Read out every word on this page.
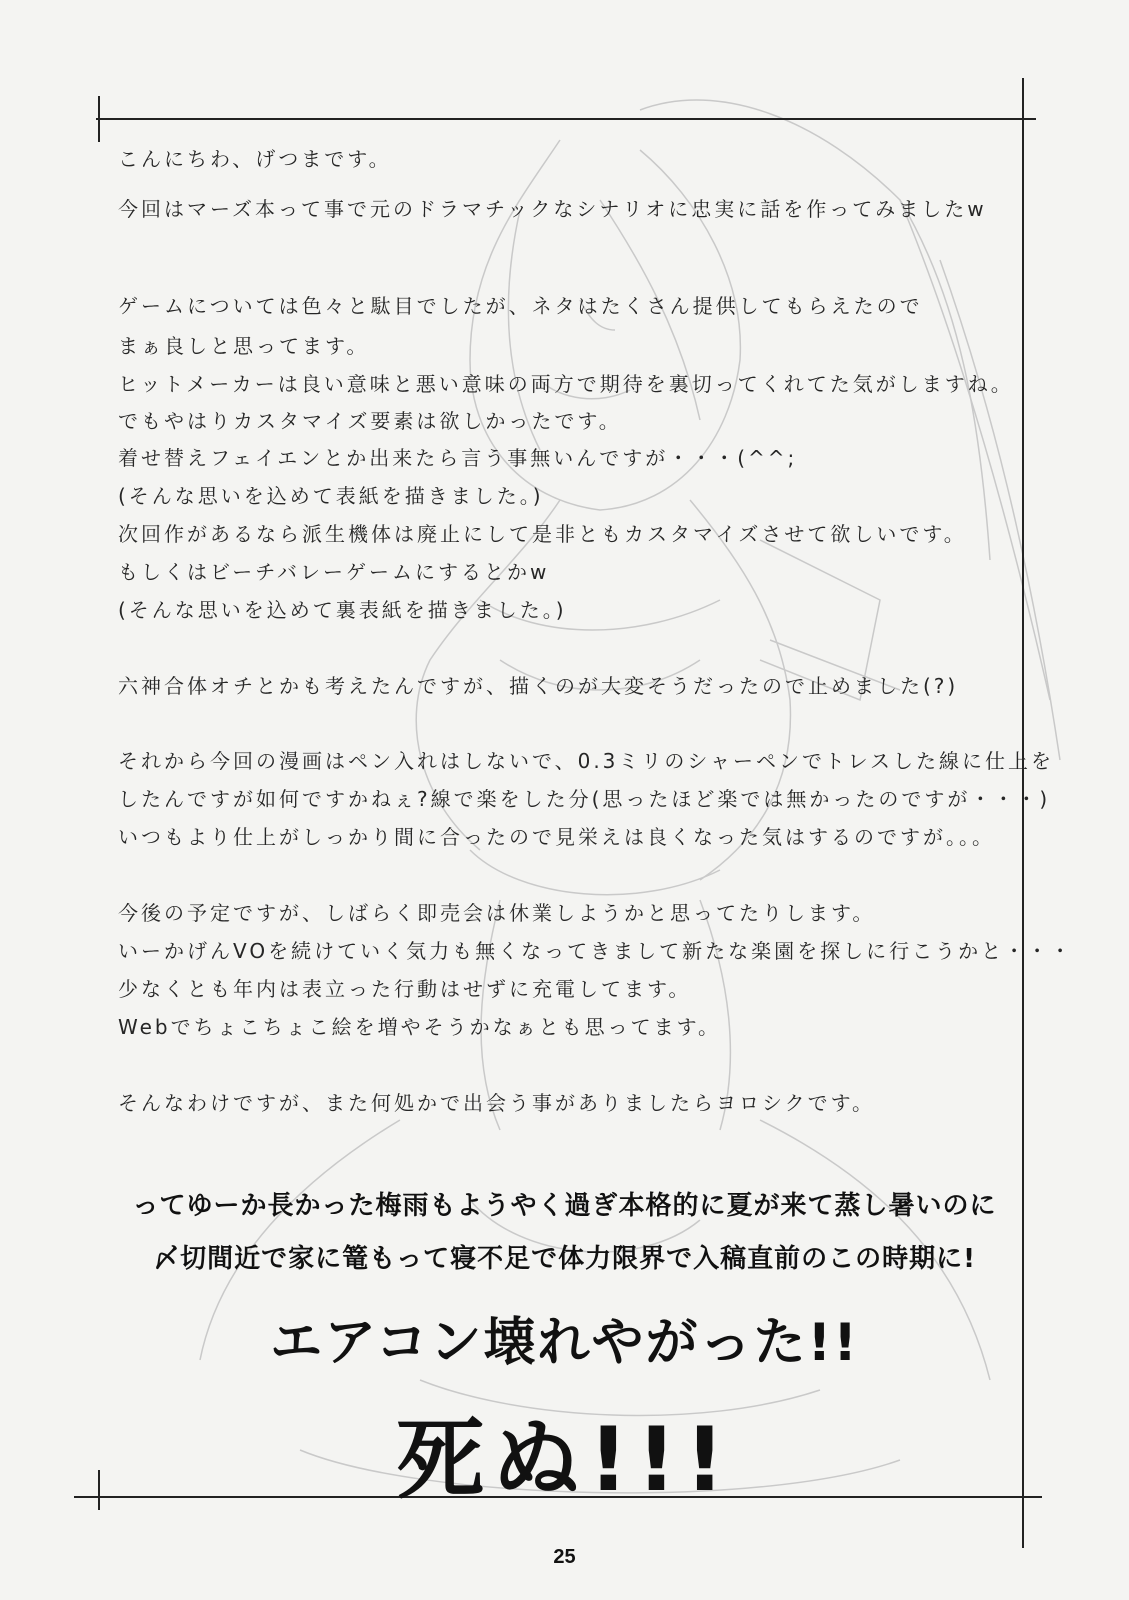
こんにちわ、げつまです。
今回はマーズ本って事で元のドラマチックなシナリオに忠実に話を作ってみましたw
ゲームについては色々と駄目でしたが、ネタはたくさん提供してもらえたので
まぁ良しと思ってます。
ヒットメーカーは良い意味と悪い意味の両方で期待を裏切ってくれてた気がしますね。
でもやはりカスタマイズ要素は欲しかったです。
着せ替えフェイエンとか出来たら言う事無いんですが・・・(^^;
(そんな思いを込めて表紙を描きました。)
次回作があるなら派生機体は廃止にして是非ともカスタマイズさせて欲しいです。
もしくはビーチバレーゲームにするとかw
(そんな思いを込めて裏表紙を描きました。)
六神合体オチとかも考えたんですが、描くのが大変そうだったので止めました(?)
それから今回の漫画はペン入れはしないで、0.3ミリのシャーペンでトレスした線に仕上を
したんですが如何ですかねぇ?線で楽をした分(思ったほど楽では無かったのですが・・・)
いつもより仕上がしっかり間に合ったので見栄えは良くなった気はするのですが。。。
今後の予定ですが、しばらく即売会は休業しようかと思ってたりします。
いーかげんVOを続けていく気力も無くなってきまして新たな楽園を探しに行こうかと・・・
少なくとも年内は表立った行動はせずに充電してます。
Webでちょこちょこ絵を増やそうかなぁとも思ってます。
そんなわけですが、また何処かで出会う事がありましたらヨロシクです。
ってゆーか長かった梅雨もようやく過ぎ本格的に夏が来て蒸し暑いのに
〆切間近で家に篭もって寝不足で体力限界で入稿直前のこの時期に!
エアコン壊れやがった!!
死ぬ!!!
25
